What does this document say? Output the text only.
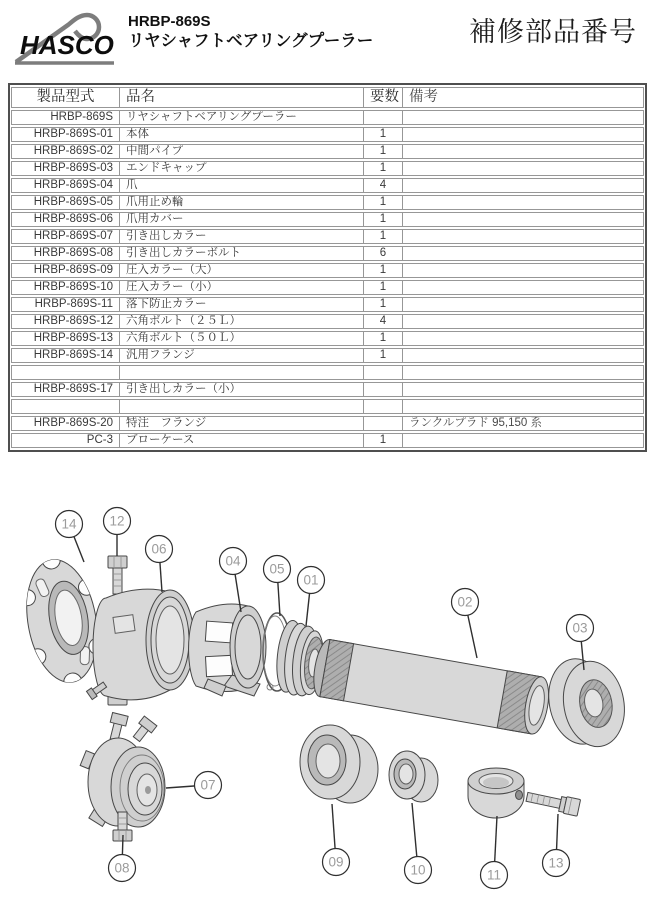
HASCO
HRBP-869S
リヤシャフトベアリングプーラー	補修部品番号
製品型式	品名	要数	備考
HRBP-869S	リヤシャフトベアリングプーラー		
HRBP-869S-01	本体	1	
HRBP-869S-02	中間パイプ	1	
HRBP-869S-03	エンドキャップ	1	
HRBP-869S-04	爪	4	
HRBP-869S-05	爪用止め輪	1	
HRBP-869S-06	爪用カバー	1	
HRBP-869S-07	引き出しカラー	1	
HRBP-869S-08	引き出しカラーボルト	6	
HRBP-869S-09	圧入カラー（大）	1	
HRBP-869S-10	圧入カラー（小）	1	
HRBP-869S-11	落下防止カラー	1	
HRBP-869S-12	六角ボルト（２５Ｌ）	4	
HRBP-869S-13	六角ボルト（５０Ｌ）	1	
HRBP-869S-14	汎用フランジ	1	

HRBP-869S-17	引き出しカラー（小）		

HRBP-869S-20	特注　フランジ		ランクルプラド 95,150 系
PC-3	ブローケース	1	
14 12
06
04
05
01
02
03
07
08	09
10	11
13
